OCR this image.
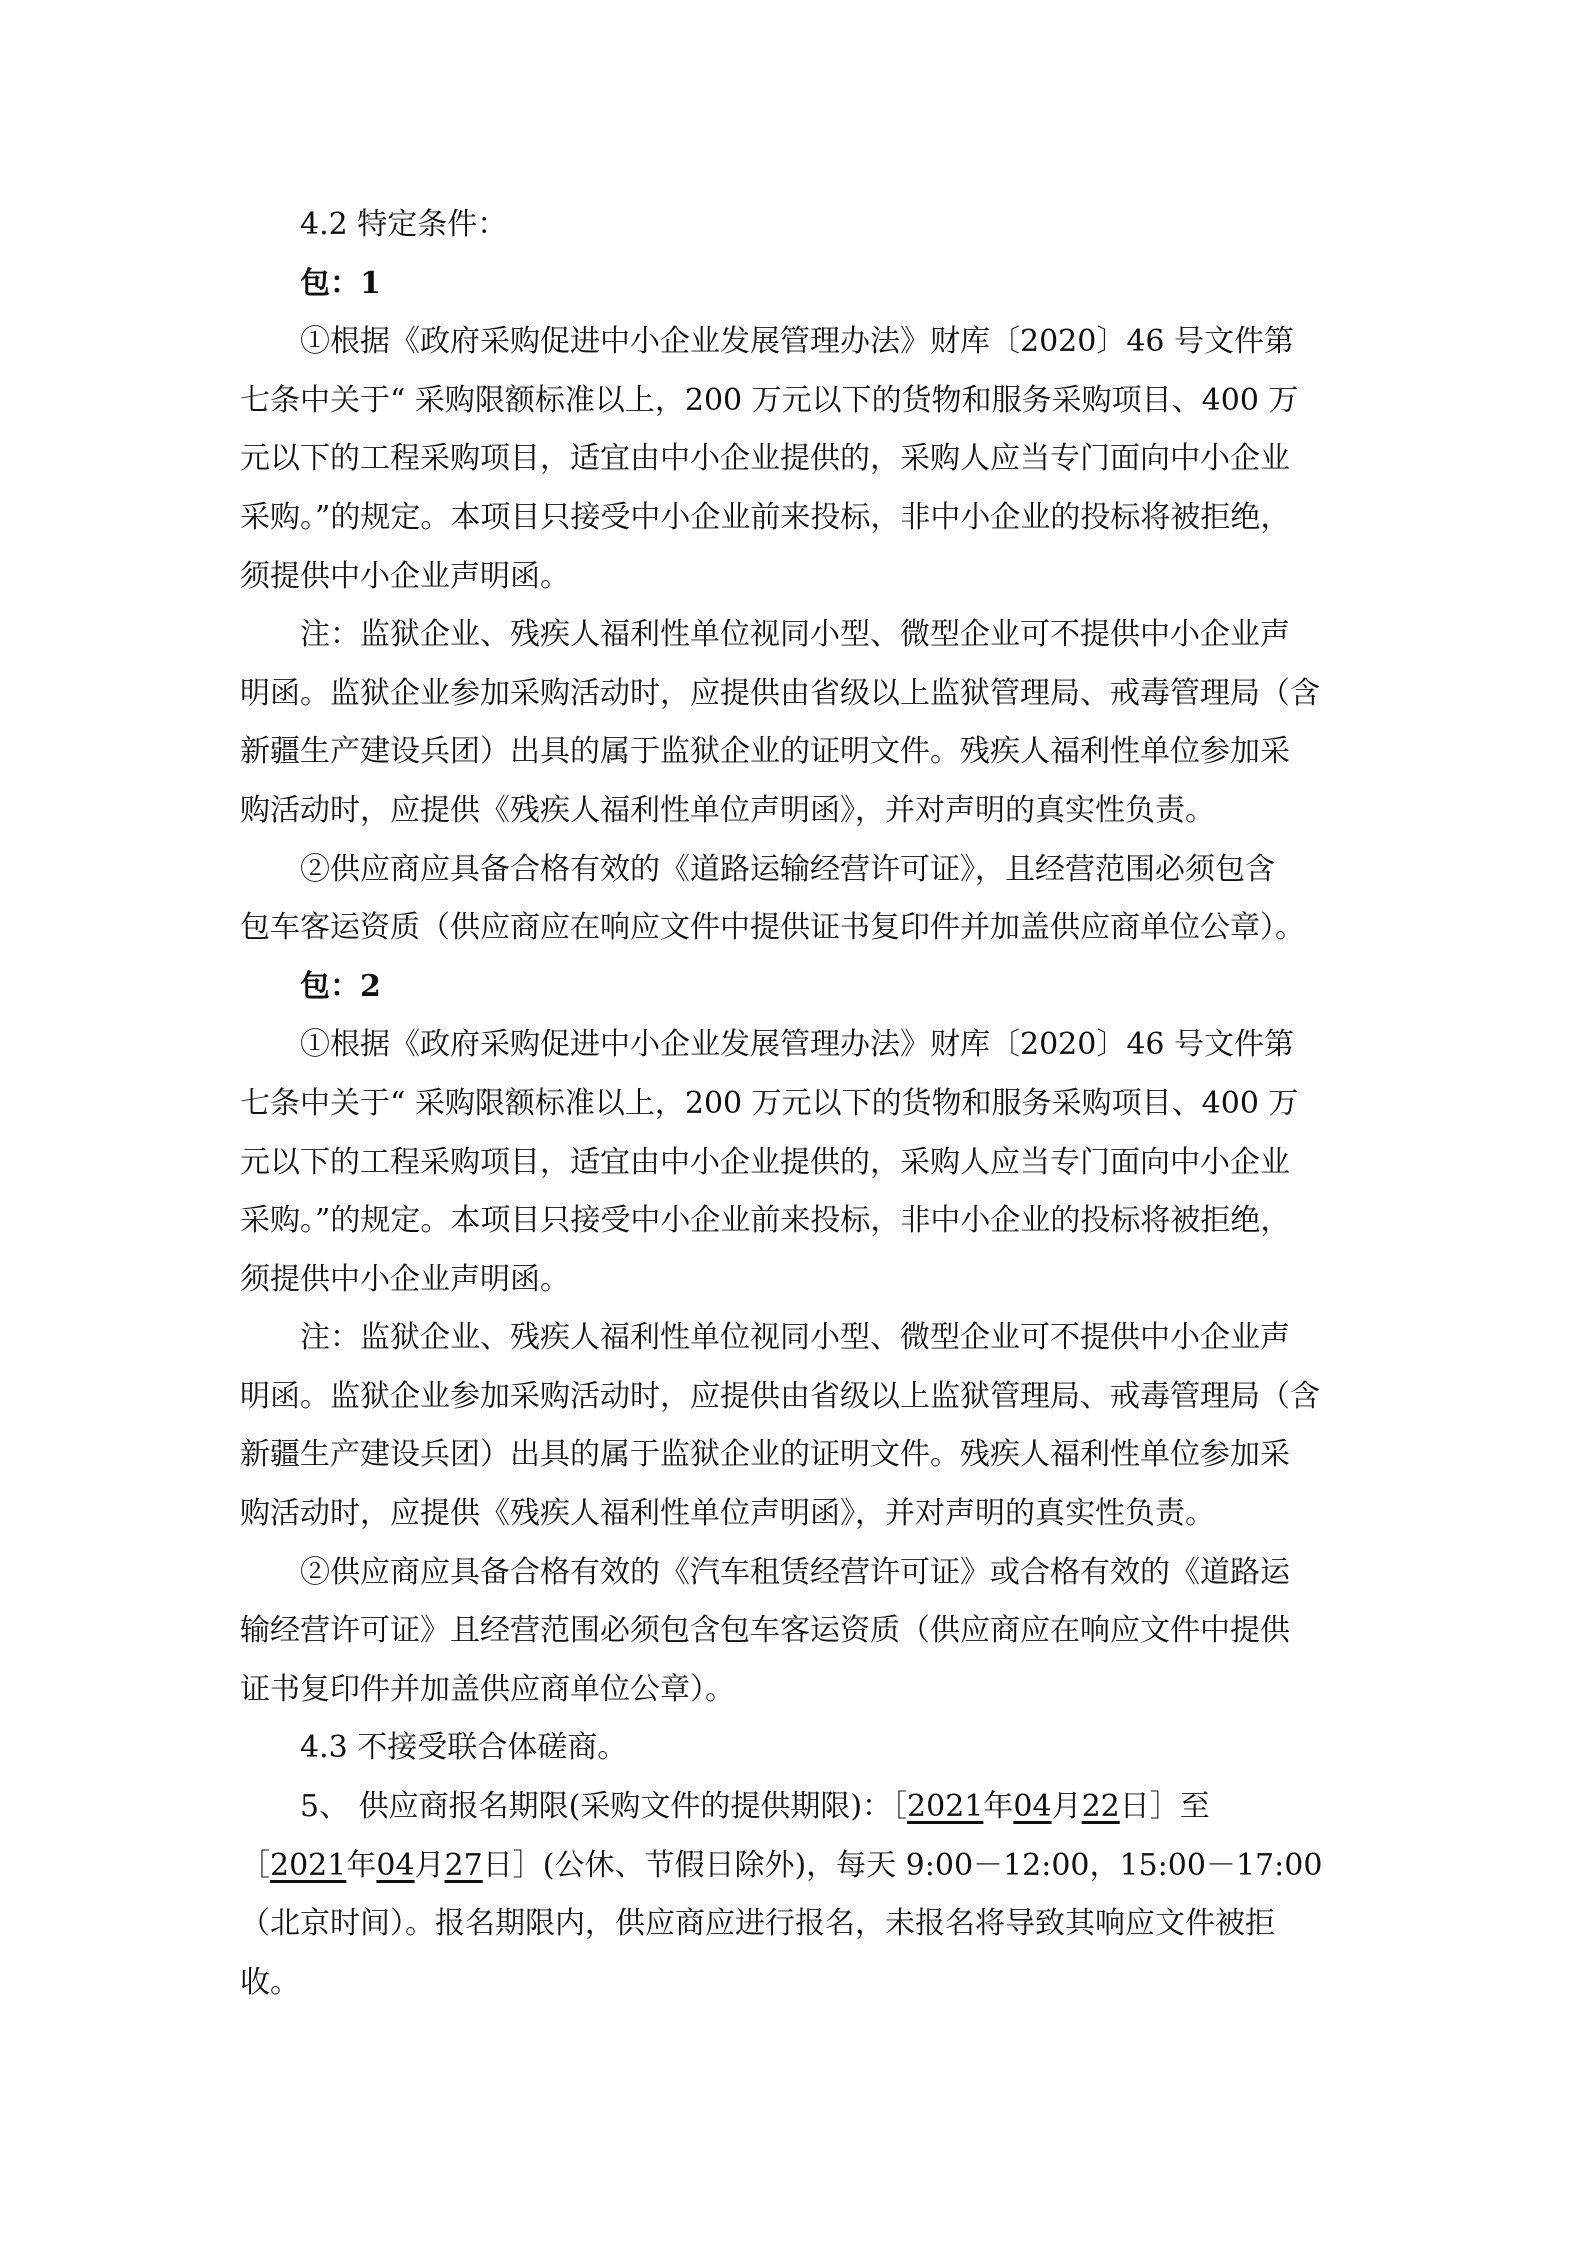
4.2 特定条件：
包：1
①根据《政府采购促进中小企业发展管理办法》财库〔2020〕46 号文件第
七条中关于“ 采购限额标准以上，200 万元以下的货物和服务采购项目、400 万
元以下的工程采购项目，适宜由中小企业提供的，采购人应当专门面向中小企业
采购。”的规定。本项目只接受中小企业前来投标，非中小企业的投标将被拒绝，
须提供中小企业声明函。
注：监狱企业、残疾人福利性单位视同小型、微型企业可不提供中小企业声
明函。监狱企业参加采购活动时，应提供由省级以上监狱管理局、戒毒管理局（含
新疆生产建设兵团）出具的属于监狱企业的证明文件。残疾人福利性单位参加采
购活动时，应提供《残疾人福利性单位声明函》，并对声明的真实性负责。
②供应商应具备合格有效的《道路运输经营许可证》，且经营范围必须包含
包车客运资质（供应商应在响应文件中提供证书复印件并加盖供应商单位公章）。
包：2
①根据《政府采购促进中小企业发展管理办法》财库〔2020〕46 号文件第
七条中关于“ 采购限额标准以上，200 万元以下的货物和服务采购项目、400 万
元以下的工程采购项目，适宜由中小企业提供的，采购人应当专门面向中小企业
采购。”的规定。本项目只接受中小企业前来投标，非中小企业的投标将被拒绝，
须提供中小企业声明函。
注：监狱企业、残疾人福利性单位视同小型、微型企业可不提供中小企业声
明函。监狱企业参加采购活动时，应提供由省级以上监狱管理局、戒毒管理局（含
新疆生产建设兵团）出具的属于监狱企业的证明文件。残疾人福利性单位参加采
购活动时，应提供《残疾人福利性单位声明函》，并对声明的真实性负责。
②供应商应具备合格有效的《汽车租赁经营许可证》或合格有效的《道路运
输经营许可证》且经营范围必须包含包车客运资质（供应商应在响应文件中提供
证书复印件并加盖供应商单位公章）。
4.3 不接受联合体磋商。
5、 供应商报名期限(采购文件的提供期限)：［2021年04月22日］至
［2021年04月27日］(公休、节假日除外)，每天 9:00－12:00，15:00－17:00
（北京时间）。报名期限内，供应商应进行报名，未报名将导致其响应文件被拒
收。
